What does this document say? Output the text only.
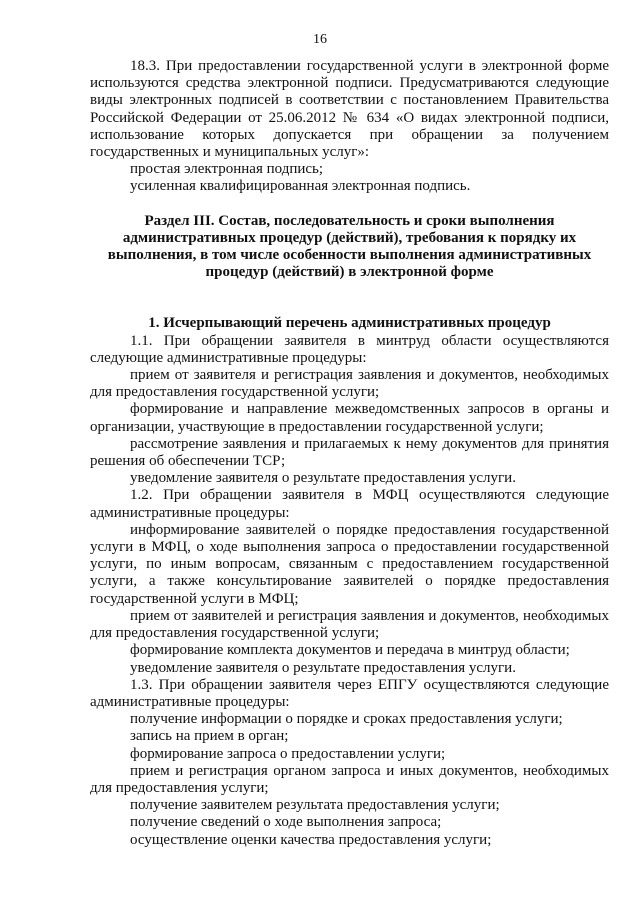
16

18.3. При предоставлении государственной услуги в электронной форме используются средства электронной подписи. Предусматриваются следующие виды электронных подписей в соответствии с постановлением Правительства Российской Федерации от 25.06.2012 № 634 «О видах электронной подписи, использование которых допускается при обращении за получением государственных и муниципальных услуг»:

простая электронная подпись;

усиленная квалифицированная электронная подпись.

Раздел III. Состав, последовательность и сроки выполнения административных процедур (действий), требования к порядку их выполнения, в том числе особенности выполнения административных процедур (действий) в электронной форме

1. Исчерпывающий перечень административных процедур

1.1. При обращении заявителя в минтруд области осуществляются следующие административные процедуры:

прием от заявителя и регистрация заявления и документов, необходимых для предоставления государственной услуги;

формирование и направление межведомственных запросов в органы и организации, участвующие в предоставлении государственной услуги;

рассмотрение заявления и прилагаемых к нему документов для принятия решения об обеспечении ТСР;

уведомление заявителя о результате предоставления услуги.

1.2. При обращении заявителя в МФЦ осуществляются следующие административные процедуры:

информирование заявителей о порядке предоставления государственной услуги в МФЦ, о ходе выполнения запроса о предоставлении государственной услуги, по иным вопросам, связанным с предоставлением государственной услуги, а также консультирование заявителей о порядке предоставления государственной услуги в МФЦ;

прием от заявителей и регистрация заявления и документов, необходимых для предоставления государственной услуги;

формирование комплекта документов и передача в минтруд области;

уведомление заявителя о результате предоставления услуги.

1.3. При обращении заявителя через ЕПГУ осуществляются следующие административные процедуры:

получение информации о порядке и сроках предоставления услуги;

запись на прием в орган;

формирование запроса о предоставлении услуги;

прием и регистрация органом запроса и иных документов, необходимых для предоставления услуги;

получение заявителем результата предоставления услуги;

получение сведений о ходе выполнения запроса;

осуществление оценки качества предоставления услуги;
